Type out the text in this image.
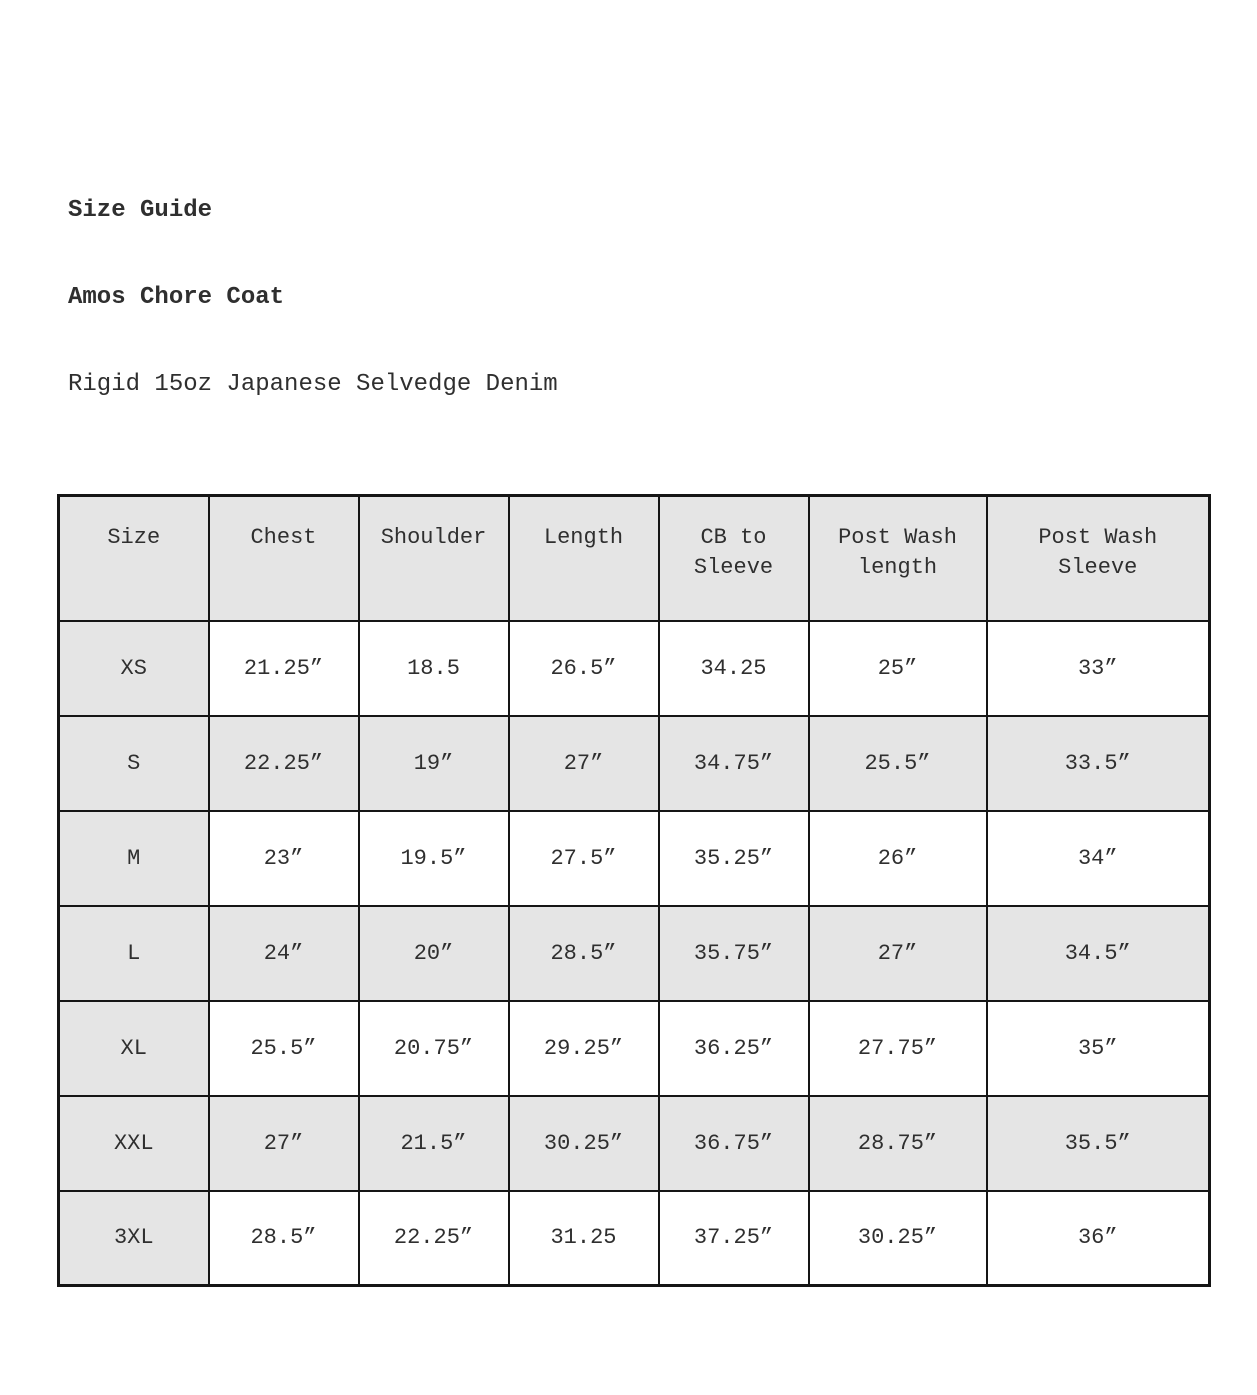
Size Guide

Amos Chore Coat

Rigid 15oz Japanese Selvedge Denim

Size	Chest	Shoulder	Length	CB to Sleeve	Post Wash length	Post Wash Sleeve
XS	21.25”	18.5	26.5”	34.25	25”	33”
S	22.25”	19”	27”	34.75”	25.5”	33.5”
M	23”	19.5”	27.5”	35.25”	26”	34”
L	24”	20”	28.5”	35.75”	27”	34.5”
XL	25.5”	20.75”	29.25”	36.25”	27.75”	35”
XXL	27”	21.5”	30.25”	36.75”	28.75”	35.5”
3XL	28.5”	22.25”	31.25	37.25”	30.25”	36”
